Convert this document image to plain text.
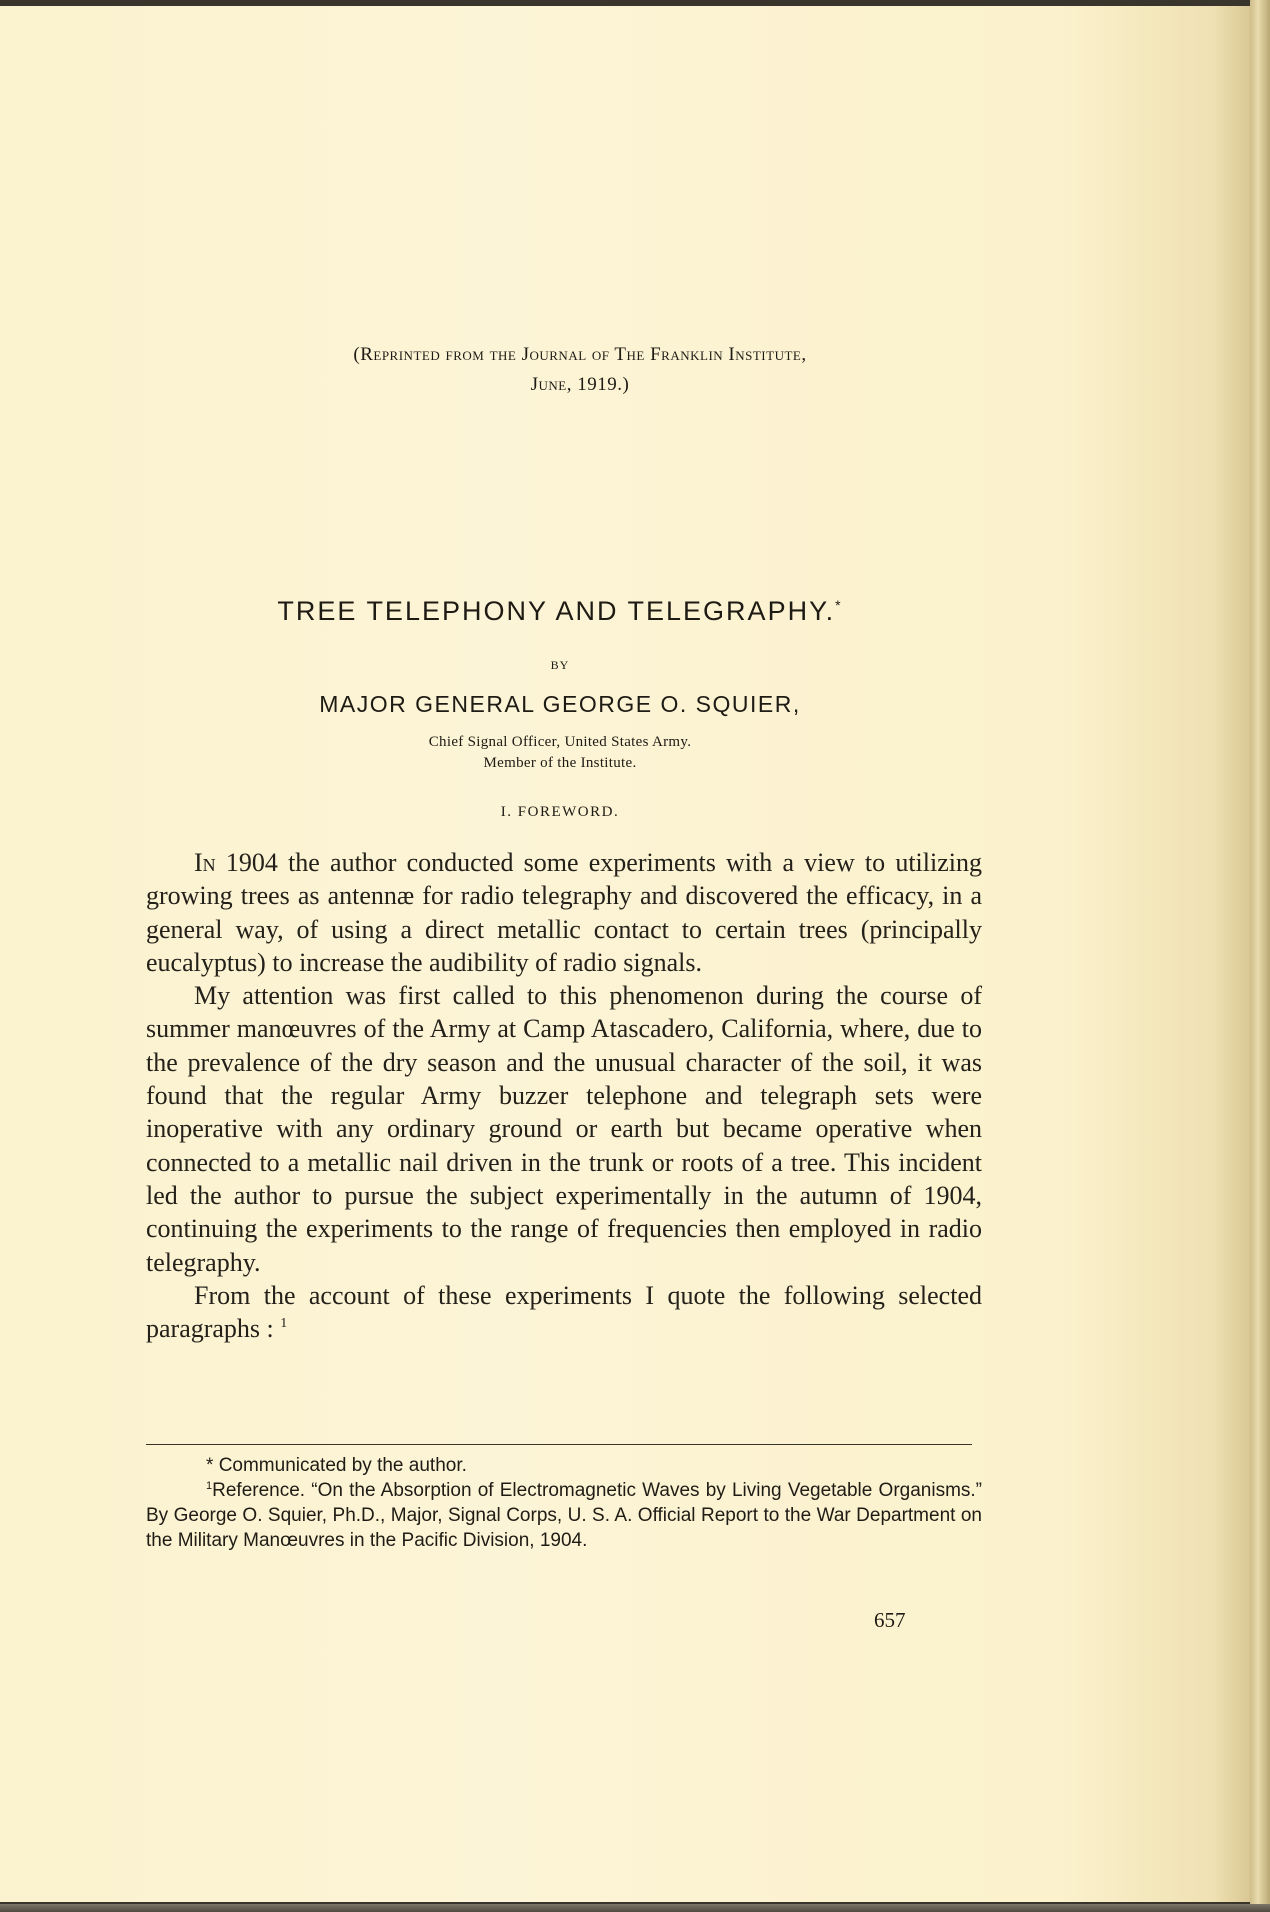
(Reprinted from the Journal of The Franklin Institute,
June, 1919.)
TREE TELEPHONY AND TELEGRAPHY.*
BY
MAJOR GENERAL GEORGE O. SQUIER,
Chief Signal Officer, United States Army.
Member of the Institute.
I. FOREWORD.

In 1904 the author conducted some experiments with a view to utilizing growing trees as antennæ for radio telegraphy and discovered the efficacy, in a general way, of using a direct metallic contact to certain trees (principally eucalyptus) to increase the audibility of radio signals.

My attention was first called to this phenomenon during the course of summer manœuvres of the Army at Camp Atascadero, California, where, due to the prevalence of the dry season and the unusual character of the soil, it was found that the regular Army buzzer telephone and telegraph sets were inoperative with any ordinary ground or earth but became operative when connected to a metallic nail driven in the trunk or roots of a tree. This incident led the author to pursue the subject experimentally in the autumn of 1904, continuing the experiments to the range of frequencies then employed in radio telegraphy.

From the account of these experiments I quote the following selected paragraphs : $^1$

* Communicated by the author.

$^1$Reference. “On the Absorption of Electromagnetic Waves by Living Vegetable Organisms.” By George O. Squier, Ph.D., Major, Signal Corps, U. S. A. Official Report to the War Department on the Military Manœuvres in the Pacific Division, 1904.

657
